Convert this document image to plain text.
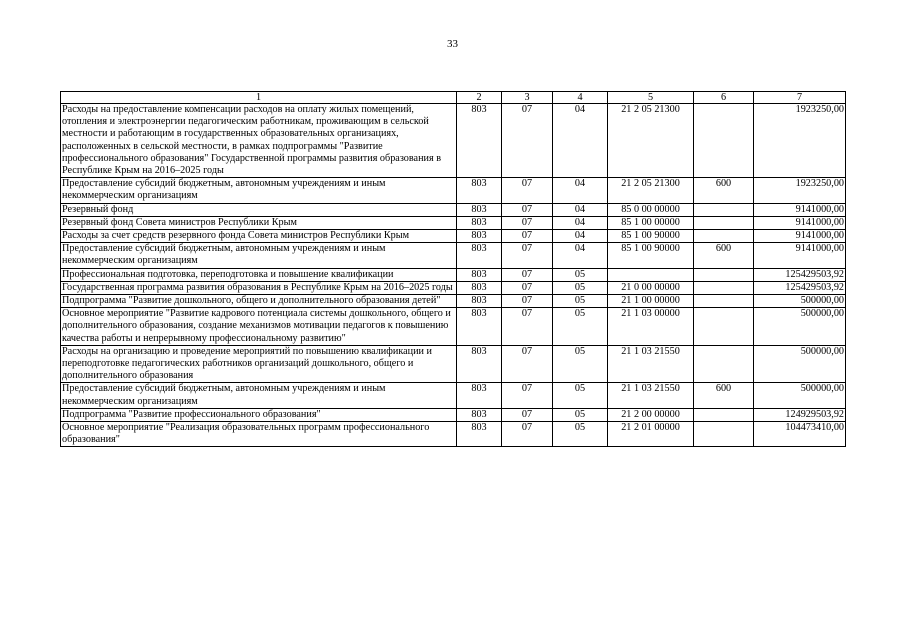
33
1	2	3	4	5	6	7
Расходы на предоставление компенсации расходов на оплату жилых помещений, отопления и электроэнергии педагогическим работникам, проживающим в сельской местности и работающим в государственных образовательных организациях, расположенных в сельской местности, в рамках подпрограммы "Развитие профессионального образования" Государственной программы развития образования в Республике Крым на 2016–2025 годы	803	07	04	21 2 05 21300		1923250,00
Предоставление субсидий бюджетным, автономным учреждениям и иным некоммерческим организациям	803	07	04	21 2 05 21300	600	1923250,00
Резервный фонд	803	07	04	85 0 00 00000		9141000,00
Резервный фонд Совета министров Республики Крым	803	07	04	85 1 00 00000		9141000,00
Расходы за счет средств резервного фонда Совета министров Республики Крым	803	07	04	85 1 00 90000		9141000,00
Предоставление субсидий бюджетным, автономным учреждениям и иным некоммерческим организациям	803	07	04	85 1 00 90000	600	9141000,00
Профессиональная подготовка, переподготовка и повышение квалификации	803	07	05			125429503,92
Государственная программа развития образования в Республике Крым на 2016–2025 годы	803	07	05	21 0 00 00000		125429503,92
Подпрограмма "Развитие дошкольного, общего и дополнительного образования детей"	803	07	05	21 1 00 00000		500000,00
Основное мероприятие "Развитие кадрового потенциала системы дошкольного, общего и дополнительного образования, создание механизмов мотивации педагогов к повышению качества работы и непрерывному профессиональному развитию"	803	07	05	21 1 03 00000		500000,00
Расходы на организацию и проведение мероприятий по повышению квалификации и переподготовке педагогических работников организаций дошкольного, общего и дополнительного образования	803	07	05	21 1 03 21550		500000,00
Предоставление субсидий бюджетным, автономным учреждениям и иным некоммерческим организациям	803	07	05	21 1 03 21550	600	500000,00
Подпрограмма "Развитие профессионального образования"	803	07	05	21 2 00 00000		124929503,92
Основное мероприятие "Реализация образовательных программ профессионального образования"	803	07	05	21 2 01 00000		104473410,00
